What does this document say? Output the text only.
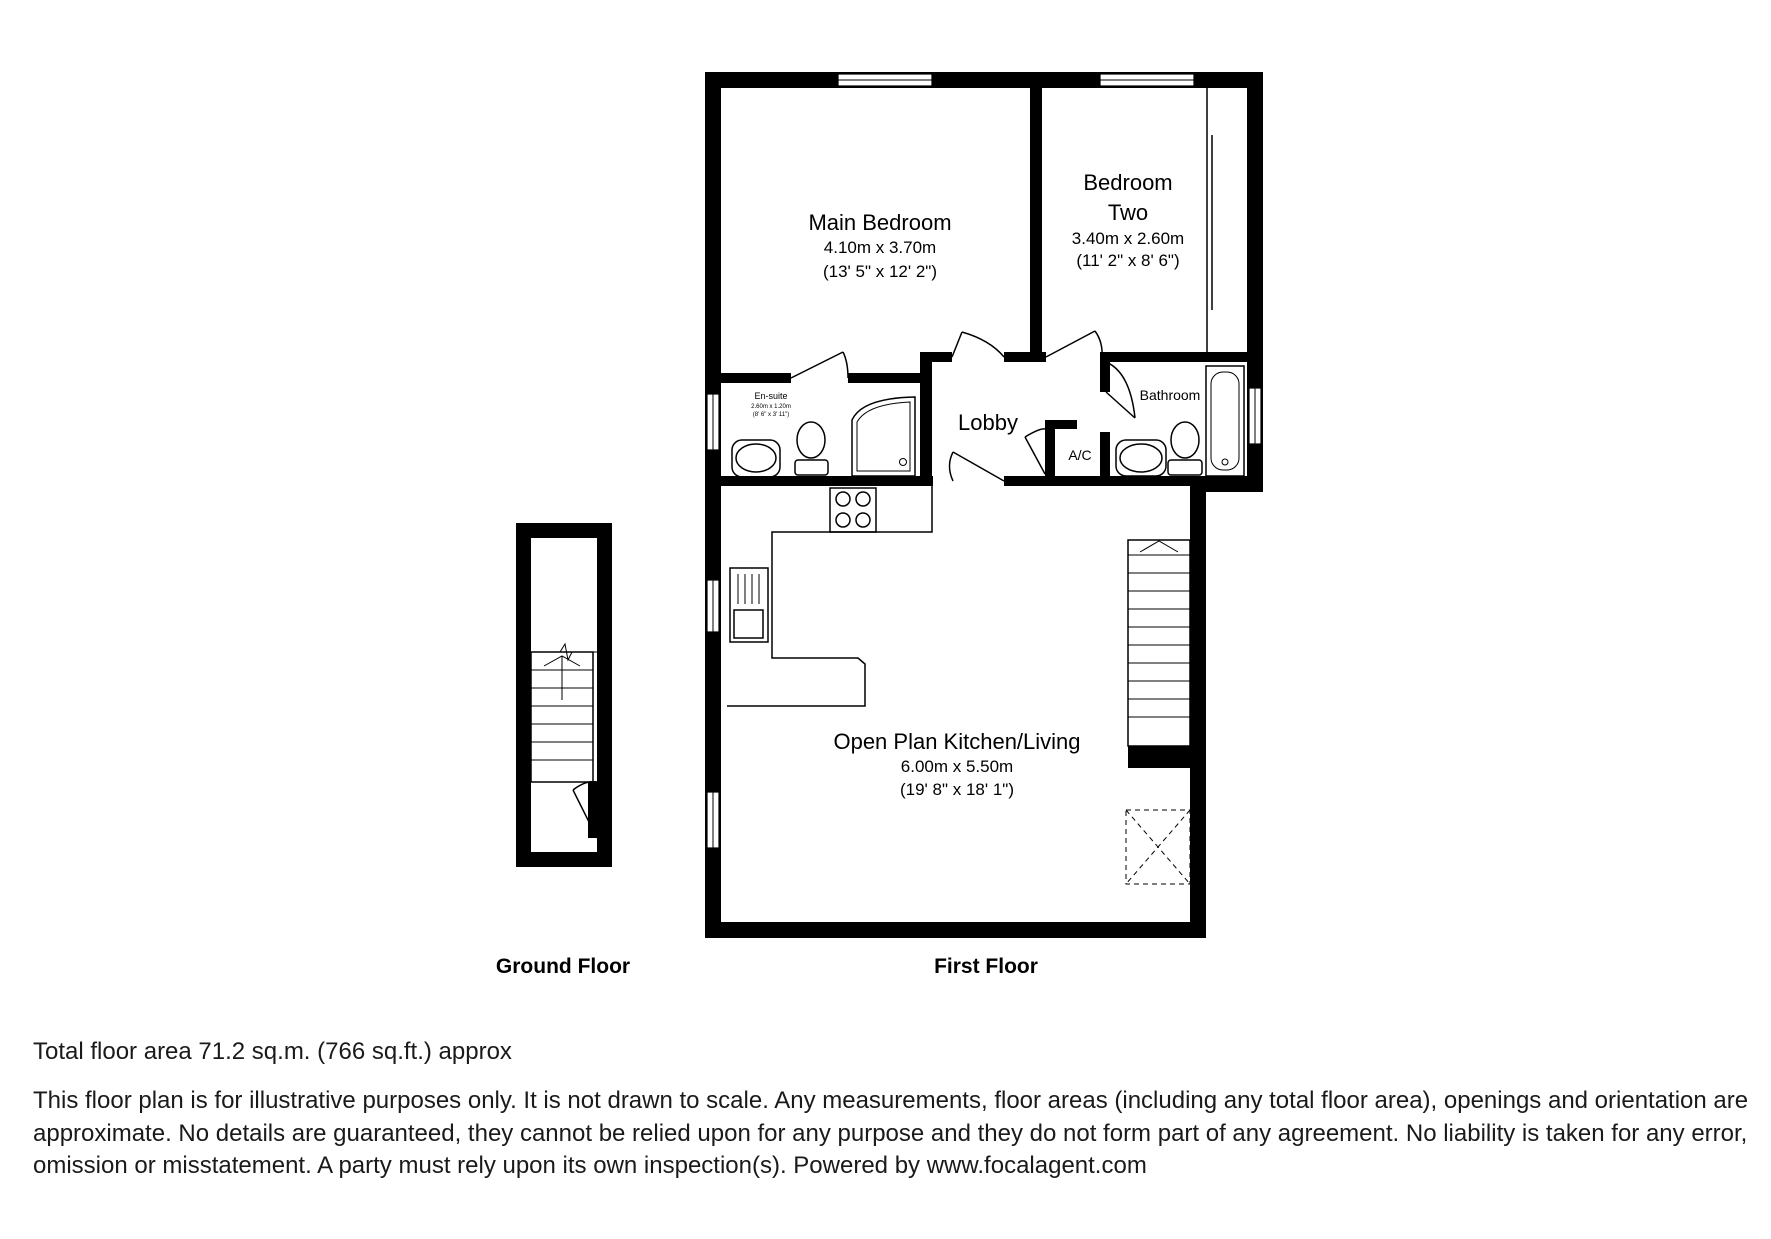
Main Bedroom
4.10m x 3.70m
(13' 5" x 12' 2")
Bedroom
Two
3.40m x 2.60m
(11' 2" x 8' 6")
En-suite
2.60m x 1.20m
(8' 6" x 3' 11")	Lobby
A/C
Bathroom
Open Plan Kitchen/Living
6.00m x 5.50m
(19' 8" x 18' 1")
Ground Floor	First Floor

Total floor area 71.2 sq.m. (766 sq.ft.) approx

This floor plan is for illustrative purposes only. It is not drawn to scale. Any measurements, floor areas (including any total floor area), openings and orientation are approximate. No details are guaranteed, they cannot be relied upon for any purpose and they do not form part of any agreement. No liability is taken for any error, omission or misstatement. A party must rely upon its own inspection(s). Powered by www.focalagent.com
